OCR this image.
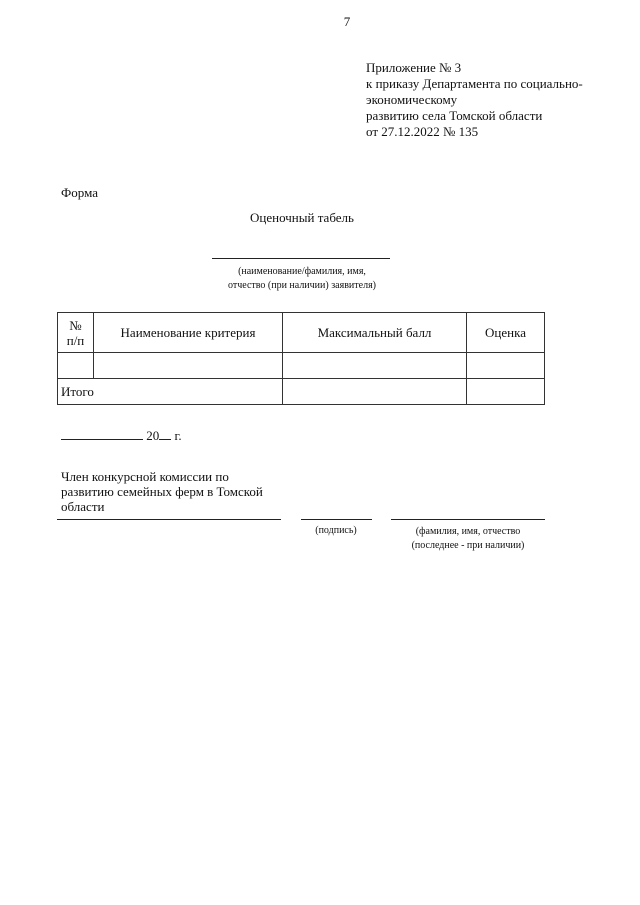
7
Приложение № 3
к приказу Департамента по социально-
экономическому
развитию села Томской области
от 27.12.2022 № 135
Форма
Оценочный табель
(наименование/фамилия, имя,
отчество (при наличии) заявителя)
№
п/п	Наименование критерия	Максимальный балл	Оценка

Итого			
20 г.
Член конкурсной комиссии по
развитию семейных ферм в Томской
области
(подпись)	(фамилия, имя, отчество
(последнее - при наличии)
